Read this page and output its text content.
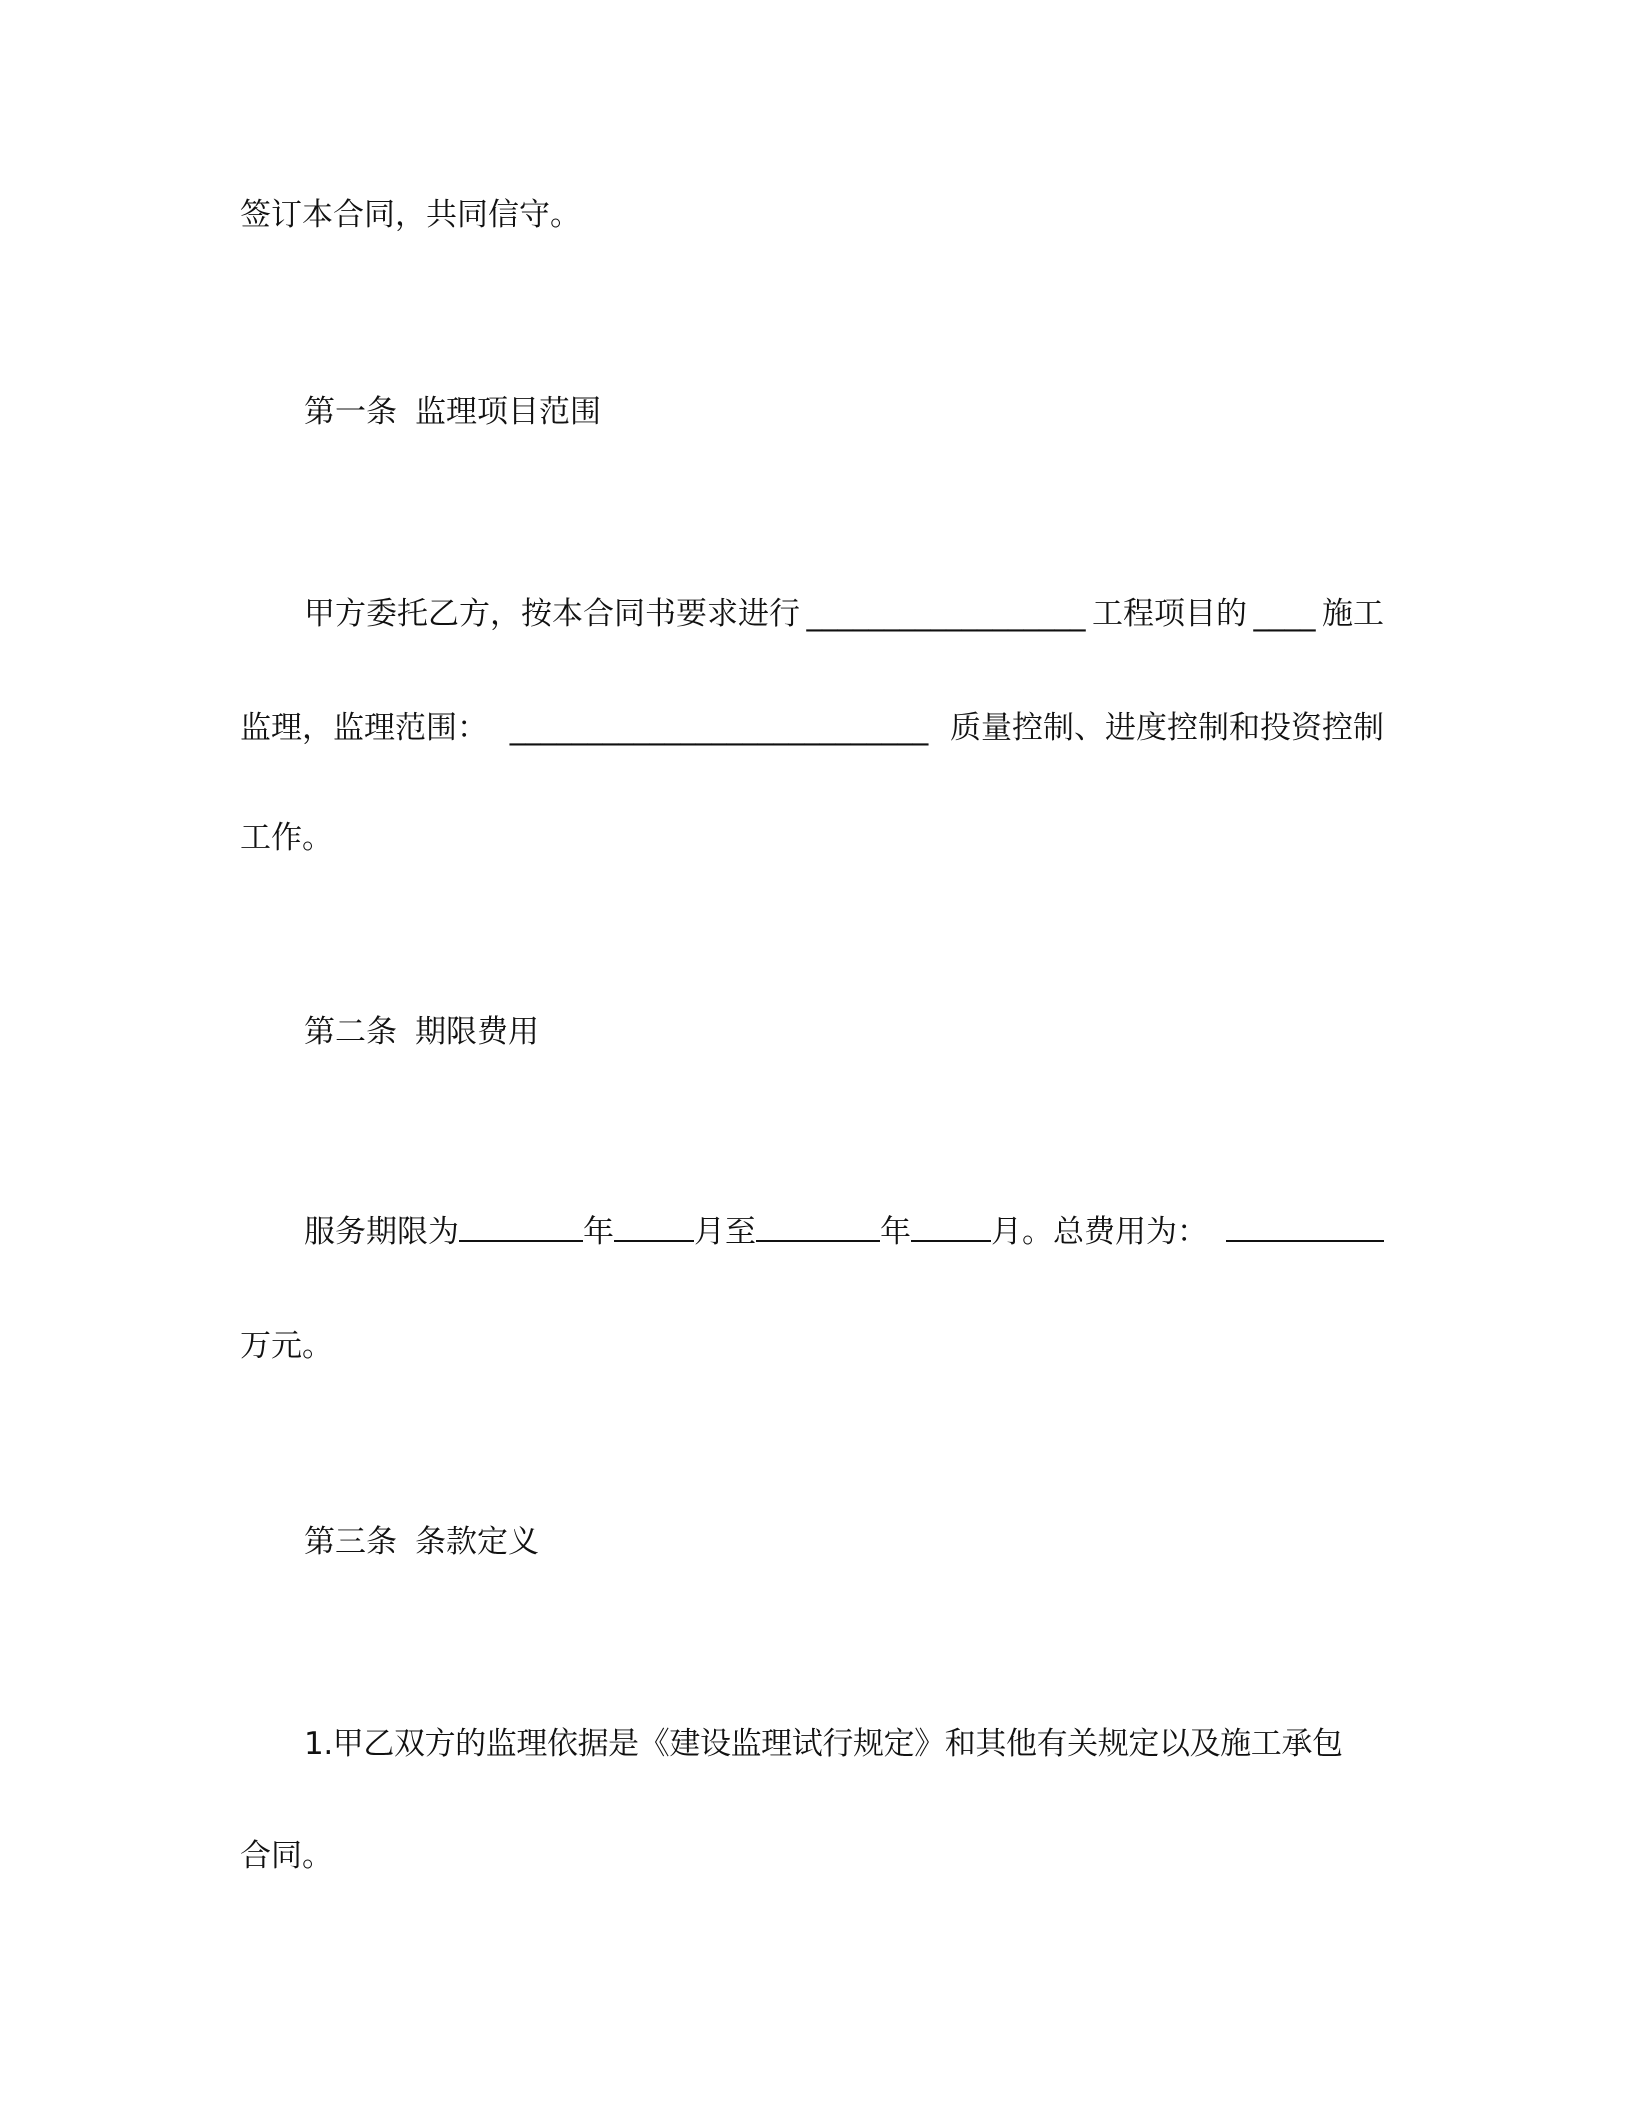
签订本合同，共同信守。

第一条 监理项目范围

甲方委托乙方，按本合同书要求进行 __________________ 工程项目的 ____ 施工

监理，监理范围： ___________________________ 质量控制、进度控制和投资控制

工作。

第二条 期限费用

服务期限为	年	月至	年	月。总费用为：

万元。

第三条 条款定义

1.甲乙双方的监理依据是《建设监理试行规定》和其他有关规定以及施工承包

合同。
